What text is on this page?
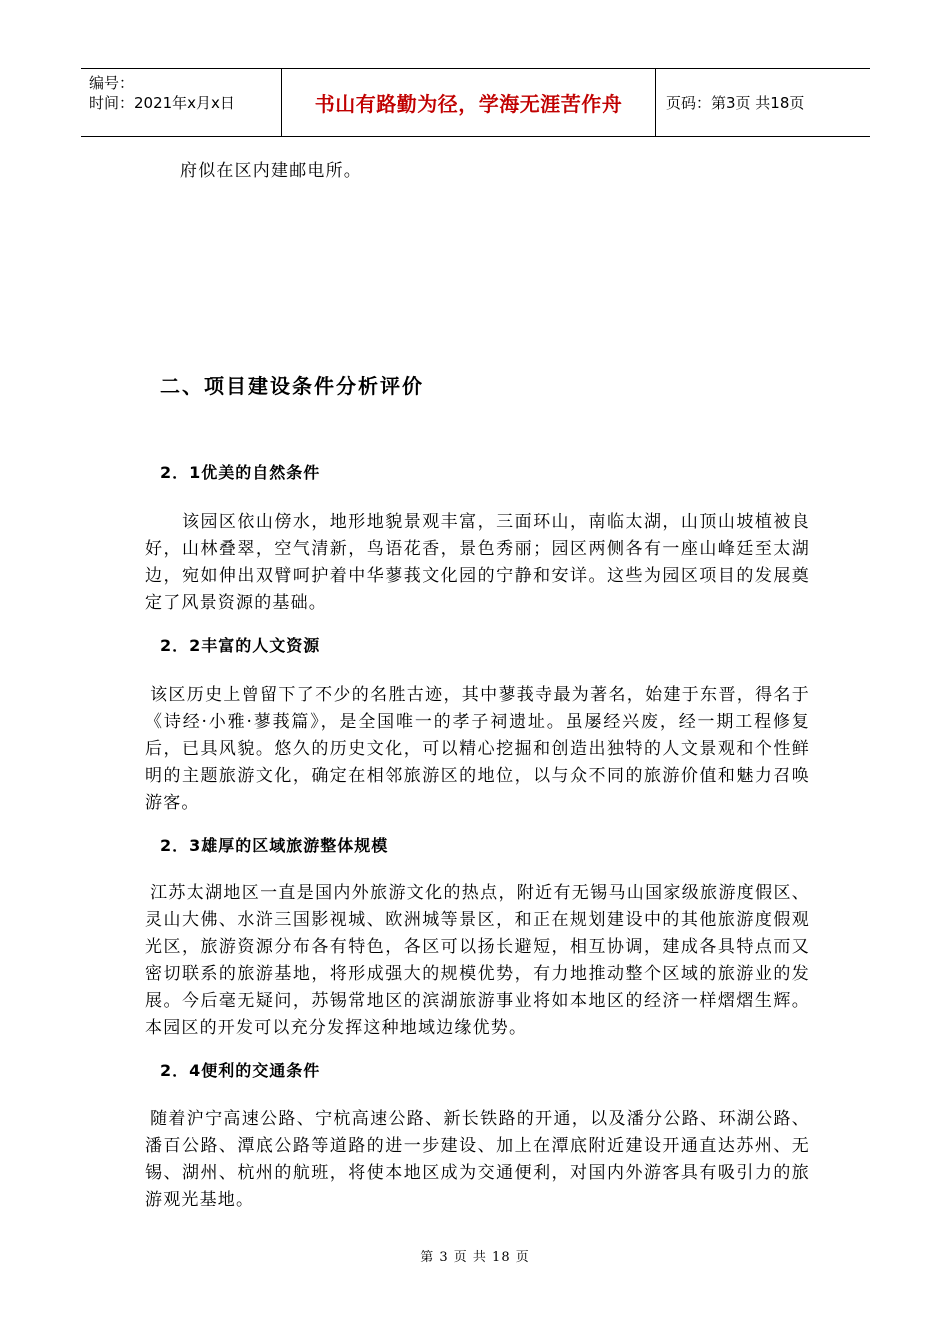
编号：
时间：2021年x月x日	书山有路勤为径，学海无涯苦作舟	页码：第3页 共18页
府似在区内建邮电所。
二、项目建设条件分析评价
2．1优美的自然条件
　　该园区依山傍水，地形地貌景观丰富，三面环山，南临太湖，山顶山坡植被良好，山林叠翠，空气清新，鸟语花香，景色秀丽；园区两侧各有一座山峰廷至太湖边，宛如伸出双臂呵护着中华蓼莪文化园的宁静和安详。这些为园区项目的发展奠定了风景资源的基础。
2．2丰富的人文资源
该区历史上曾留下了不少的名胜古迹，其中蓼莪寺最为著名，始建于东晋，得名于《诗经·小雅·蓼莪篇》，是全国唯一的孝子祠遗址。虽屡经兴废，经一期工程修复后，已具风貌。悠久的历史文化，可以精心挖掘和创造出独特的人文景观和个性鲜明的主题旅游文化，确定在相邻旅游区的地位，以与众不同的旅游价值和魅力召唤游客。
2．3雄厚的区域旅游整体规模
江苏太湖地区一直是国内外旅游文化的热点，附近有无锡马山国家级旅游度假区、灵山大佛、水浒三国影视城、欧洲城等景区，和正在规划建设中的其他旅游度假观光区，旅游资源分布各有特色，各区可以扬长避短，相互协调，建成各具特点而又密切联系的旅游基地，将形成强大的规模优势，有力地推动整个区域的旅游业的发展。今后毫无疑问，苏锡常地区的滨湖旅游事业将如本地区的经济一样熠熠生辉。本园区的开发可以充分发挥这种地域边缘优势。
2．4便利的交通条件
随着沪宁高速公路、宁杭高速公路、新长铁路的开通，以及潘分公路、环湖公路、潘百公路、潭底公路等道路的进一步建设、加上在潭底附近建设开通直达苏州、无锡、湖州、杭州的航班，将使本地区成为交通便利，对国内外游客具有吸引力的旅游观光基地。
第 3 页 共 18 页
